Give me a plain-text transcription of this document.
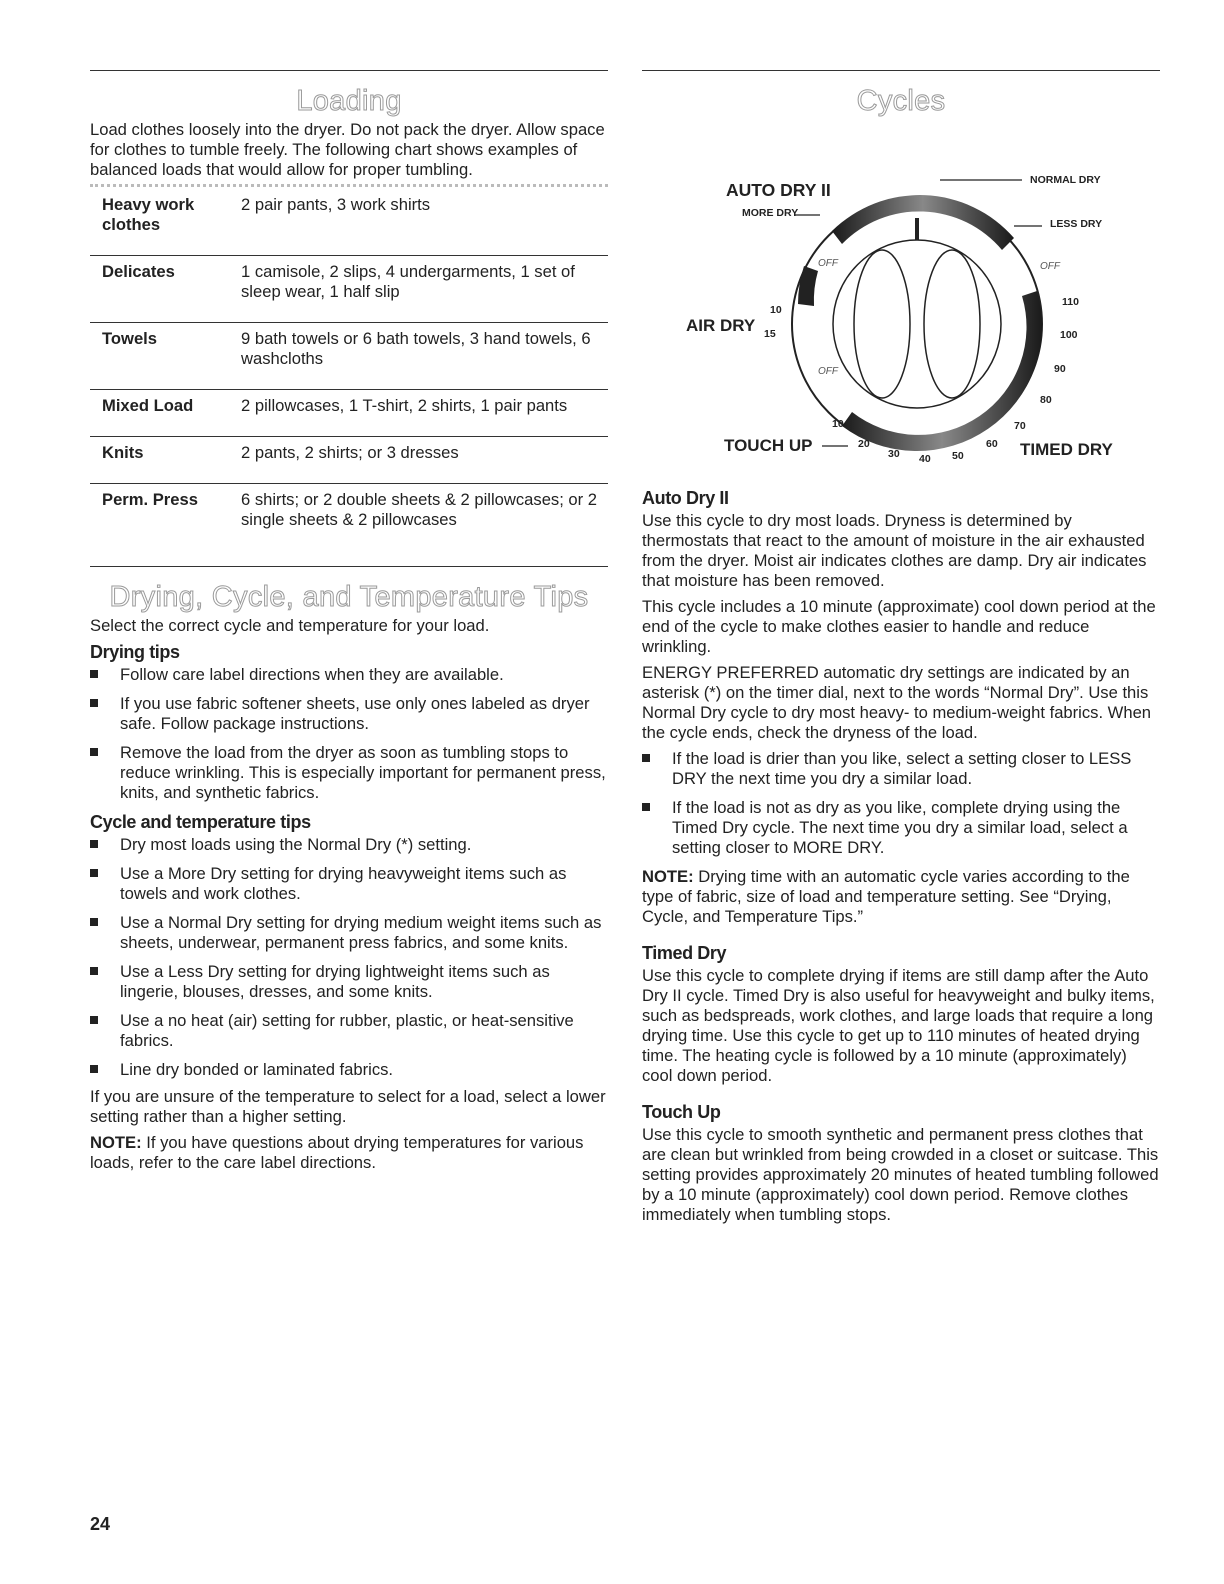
Loading

Load clothes loosely into the dryer. Do not pack the dryer. Allow space for clothes to tumble freely. The following chart shows examples of balanced loads that would allow for proper tumbling.

Heavy work clothes	2 pair pants, 3 work shirts
Delicates	1 camisole, 2 slips, 4 undergarments, 1 set of sleep wear, 1 half slip
Towels	9 bath towels or 6 bath towels, 3 hand towels, 6 washcloths
Mixed Load	2 pillowcases, 1 T-shirt, 2 shirts, 1 pair pants
Knits	2 pants, 2 shirts; or 3 dresses
Perm. Press	6 shirts; or 2 double sheets & 2 pillowcases; or 2 single sheets & 2 pillowcases
Drying, Cycle, and Temperature Tips

Select the correct cycle and temperature for your load.

Drying tips
Follow care label directions when they are available.
If you use fabric softener sheets, use only ones labeled as dryer safe. Follow package instructions.
Remove the load from the dryer as soon as tumbling stops to reduce wrinkling. This is especially important for permanent press, knits, and synthetic fabrics.
Cycle and temperature tips
Dry most loads using the Normal Dry (*) setting.
Use a More Dry setting for drying heavyweight items such as towels and work clothes.
Use a Normal Dry setting for drying medium weight items such as sheets, underwear, permanent press fabrics, and some knits.
Use a Less Dry setting for drying lightweight items such as lingerie, blouses, dresses, and some knits.
Use a no heat (air) setting for rubber, plastic, or heat-sensitive fabrics.
Line dry bonded or laminated fabrics.

If you are unsure of the temperature to select for a load, select a lower setting rather than a higher setting.

NOTE: If you have questions about drying temperatures for various loads, refer to the care label directions.

Cycles
AUTO DRY II
MORE DRY
NORMAL DRY
LESS DRY
OFF	OFF
OFF
AIR DRY
10
15
110
100
90
80
70
60
50
40
30
20
10
TOUCH UP	TIMED DRY
Auto Dry II

Use this cycle to dry most loads. Dryness is determined by thermostats that react to the amount of moisture in the air exhausted from the dryer. Moist air indicates clothes are damp. Dry air indicates that moisture has been removed.

This cycle includes a 10 minute (approximate) cool down period at the end of the cycle to make clothes easier to handle and reduce wrinkling.

ENERGY PREFERRED automatic dry settings are indicated by an asterisk (*) on the timer dial, next to the words “Normal Dry”. Use this Normal Dry cycle to dry most heavy- to medium-weight fabrics. When the cycle ends, check the dryness of the load.

If the load is drier than you like, select a setting closer to LESS DRY the next time you dry a similar load.
If the load is not as dry as you like, complete drying using the Timed Dry cycle. The next time you dry a similar load, select a setting closer to MORE DRY.

NOTE: Drying time with an automatic cycle varies according to the type of fabric, size of load and temperature setting. See “Drying, Cycle, and Temperature Tips.”

Timed Dry

Use this cycle to complete drying if items are still damp after the Auto Dry II cycle. Timed Dry is also useful for heavyweight and bulky items, such as bedspreads, work clothes, and large loads that require a long drying time. Use this cycle to get up to 110 minutes of heated drying time. The heating cycle is followed by a 10 minute (approximately) cool down period.

Touch Up

Use this cycle to smooth synthetic and permanent press clothes that are clean but wrinkled from being crowded in a closet or suitcase. This setting provides approximately 20 minutes of heated tumbling followed by a 10 minute (approximately) cool down period. Remove clothes immediately when tumbling stops.

24
